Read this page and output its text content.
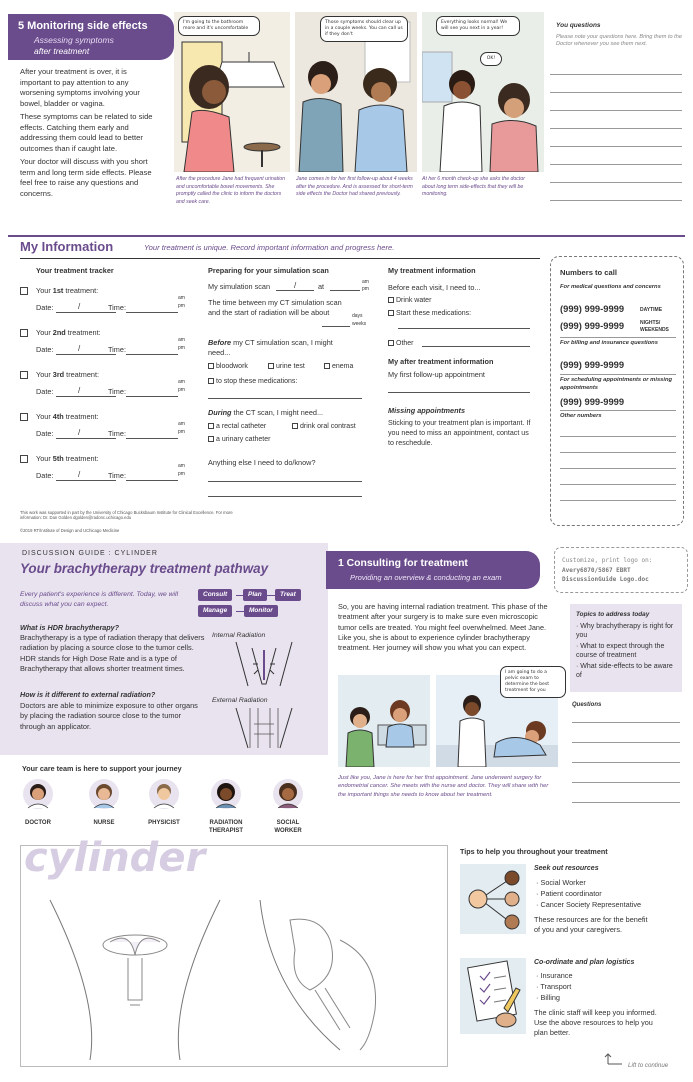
5 Monitoring side effects
Assessing symptoms
after treatment
After your treatment is over, it is important to pay attention to any worsening symptoms involving your bowel, bladder or vagina.
These symptoms can be related to side effects. Catching them early and addressing them could lead to better outcomes than if caught late.
Your doctor will discuss with you short term and long term side effects. Please feel free to raise any questions and concerns.
I'm going to the bathroom more and it's uncomfortable
Those symptoms should clear up in a couple weeks. You can call us if they don't
Everything looks normal! We will see you next in a year!
OK!
After the procedure Jane had frequent urination and uncomfortable bowel movements. She promptly called the clinic to inform the doctors and seek care.
Jane comes in for her first follow-up about 4 weeks after the procedure. And is assessed for short-term side effects the Doctor had shared previously.
At her 6 month check-up she asks the doctor about long term side-effects that they will be monitoring.
You questions
Please note your questions here. Bring them to the Doctor whenever you see them next.
My Information	Your treatment is unique. Record important information and progress here.
Your treatment tracker	Preparing for your simulation scan
My simulation scan	/	at	am
pm
The time between my CT simulation scan and the start of radiation will be about	days
weeks
Before my CT simulation scan, I might need...
bloodwork	urine test	enema
to stop these medications:
During the CT scan, I might need...
a rectal catheter	drink oral contrast
a urinary catheter
Anything else I need to do/know?
My treatment information
Before each visit, I need to...
Drink water
Start these medications:
Other
My after treatment information
My first follow-up appointment
Missing appointments
Sticking to your treatment plan is important. If you need to miss an appointment, contact us to reschedule.
Numbers to call
For medical questions and concerns
(999) 999-9999	DAYTIME
(999) 999-9999	NIGHTS/ WEEKENDS
For billing and insurance questions
(999) 999-9999
For scheduling appointments or missing appointments
(999) 999-9999
Other numbers
This work was supported in part by the University of Chicago Bucksbaum Institute for Clinical Excellence. For more information: Dr. Dan Golden dgolden@radonc.uchicago.edu
©2019 RT/Institute of Design and UChicago Medicine
DISCUSSION GUIDE : CYLINDER
Your brachytherapy treatment pathway
Every patient's experience is different. Today, we will discuss what you can expect.
Consult	Plan	Treat
Manage	Monitor
What is HDR brachytherapy?
Brachytherapy is a type of radiation therapy that delivers radiation by placing a source close to the tumor cells. HDR stands for High Dose Rate and is a type of Brachytherapy that allows shorter treatment times.
How is it different to external radiation?
Doctors are able to minimize exposure to other organs by placing the radiation source close to the tumor through an applicator.
Internal Radiation
External Radiation
Your care team is here to support your journey
DOCTOR	NURSE	PHYSICIST	RADIATION THERAPIST
SOCIAL WORKER
cylinder
1 Consulting for treatment
Providing an overview & conducting an exam
Customize, print logo on:
Avery6870/5867 EBRT
DiscussionGuide Logo.doc
So, you are having internal radiation treatment. This phase of the treatment after your surgery is to make sure even microscopic tumor cells are treated. You might feel overwhelmed. Meet Jane. Like you, she is about to experience cylinder brachytherapy treatment. Her journey will show you what you can expect.
Topics to address today
· Why brachytherapy is right for you
· What to expect through the course of treatment
· What side-effects to be aware of
Questions
I am going to do a pelvic exam to determine the best treatment for you
Just like you, Jane is here for her first appointment. Jane underwent surgery for endometrial cancer. She meets with the nurse and doctor. They will share with her the important things she needs to know about her treatment.
Tips to help you throughout your treatment
Seek out resources
· Social Worker
· Patient coordinator
· Cancer Society Representative
These resources are for the benefit of you and your caregivers.
Co-ordinate and plan logistics
· Insurance
· Transport
· Billing
The clinic staff will keep you informed. Use the above resources to help you plan better.
Lift to continue
Your 1st treatment:
Date:	/	Time:
am
pm
Your 2nd treatment:
Date:	/	Time:
am
pm
Your 3rd treatment:
Date:	/	Time:
am
pm
Your 4th treatment:
Date:	/	Time:
am
pm
Your 5th treatment:
Date:	/	Time:
am
pm
